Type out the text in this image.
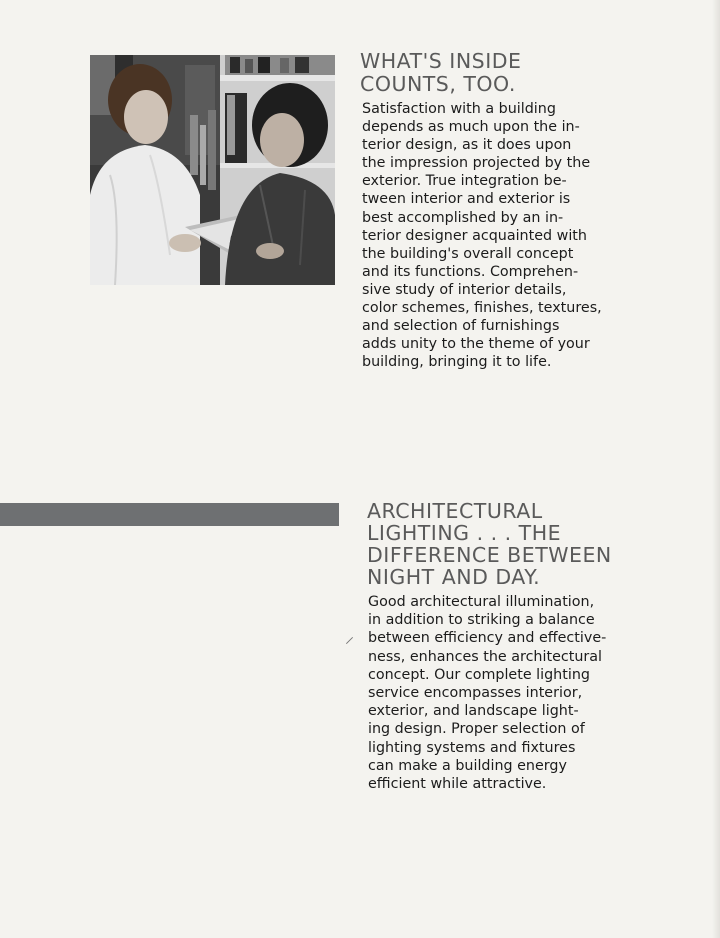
WHAT'S INSIDE
COUNTS, TOO.

Satisfaction with a building
depends as much upon the in-
terior design, as it does upon
the impression projected by the
exterior. True integration be-
tween interior and exterior is
best accomplished by an in-
terior designer acquainted with
the building's overall concept
and its functions. Comprehen-
sive study of interior details,
color schemes, finishes, textures,
and selection of furnishings
adds unity to the theme of your
building, bringing it to life.

ARCHITECTURAL
LIGHTING . . . THE
DIFFERENCE BETWEEN
NIGHT AND DAY.

Good architectural illumination,
in addition to striking a balance
between efficiency and effective-
ness, enhances the architectural
concept. Our complete lighting
service encompasses interior,
exterior, and landscape light-
ing design. Proper selection of
lighting systems and fixtures
can make a building energy
efficient while attractive.
